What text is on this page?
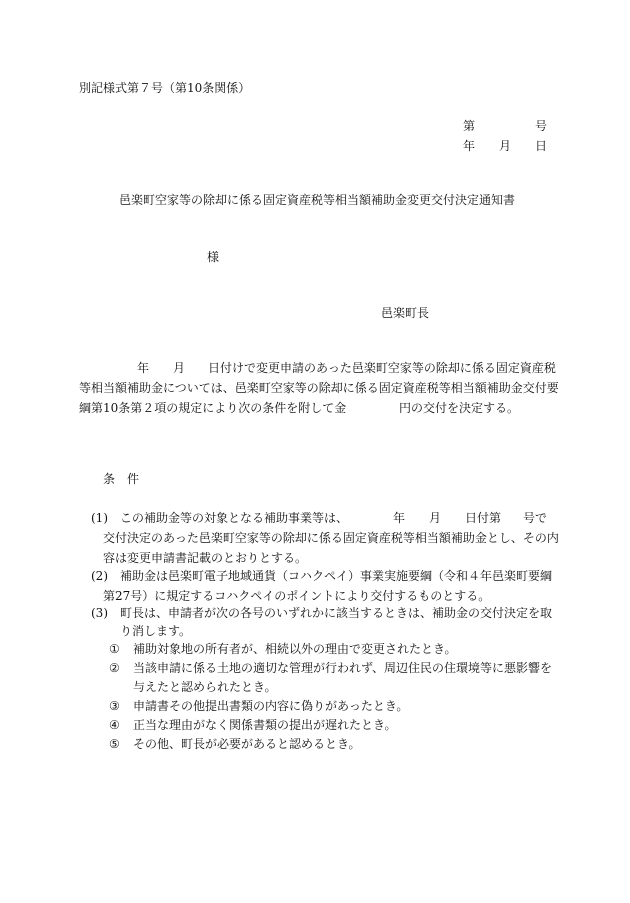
別記様式第７号（第10条関係）
第	号
年 月 日
邑楽町空家等の除却に係る固定資産税等相当額補助金変更交付決定通知書
様
邑楽町長
年 月 日付けで変更申請のあった邑楽町空家等の除却に係る固定資産税
等相当額補助金については、邑楽町空家等の除却に係る固定資産税等相当額補助金交付要
綱第10条第２項の規定により次の条件を附して金	円の交付を決定する。
条　件
(1) この補助金等の対象となる補助事業等は、	年 月 日付第 号で
交付決定のあった邑楽町空家等の除却に係る固定資産税等相当額補助金とし、その内
容は変更申請書記載のとおりとする。
(2) 補助金は邑楽町電子地域通貨（コハクペイ）事業実施要綱（令和４年邑楽町要綱
第27号）に規定するコハクペイのポイントにより交付するものとする。
(3) 町長は、申請者が次の各号のいずれかに該当するときは、補助金の交付決定を取
り消します。
① 補助対象地の所有者が、相続以外の理由で変更されたとき。
② 当該申請に係る土地の適切な管理が行われず、周辺住民の住環境等に悪影響を
与えたと認められたとき。
③ 申請書その他提出書類の内容に偽りがあったとき。
④ 正当な理由がなく関係書類の提出が遅れたとき。
⑤ その他、町長が必要があると認めるとき。
